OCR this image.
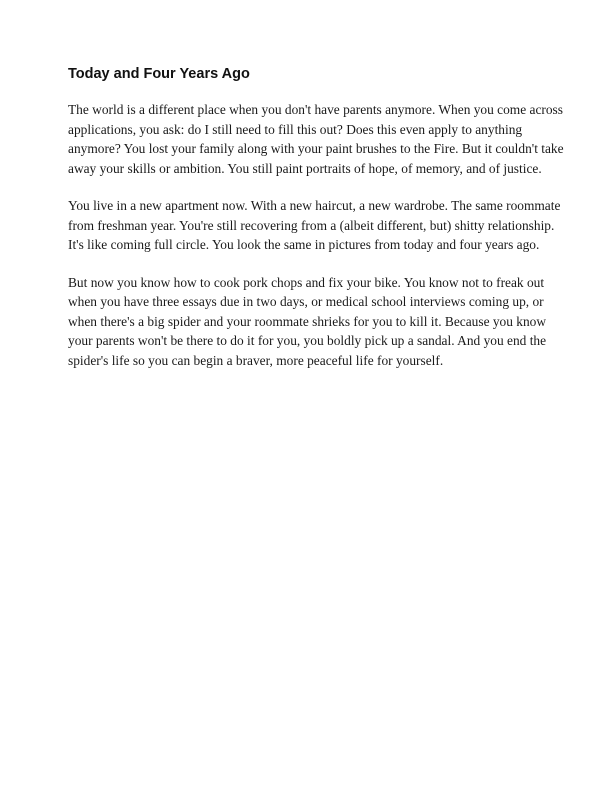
Today and Four Years Ago

The world is a different place when you don't have parents anymore. When you come across applications, you ask: do I still need to fill this out? Does this even apply to anything anymore? You lost your family along with your paint brushes to the Fire. But it couldn't take away your skills or ambition. You still paint portraits of hope, of memory, and of justice.

You live in a new apartment now. With a new haircut, a new wardrobe. The same roommate from freshman year. You're still recovering from a (albeit different, but) shitty relationship. It's like coming full circle. You look the same in pictures from today and four years ago.

But now you know how to cook pork chops and fix your bike. You know not to freak out when you have three essays due in two days, or medical school interviews coming up, or when there's a big spider and your roommate shrieks for you to kill it. Because you know your parents won't be there to do it for you, you boldly pick up a sandal. And you end the spider's life so you can begin a braver, more peaceful life for yourself.
